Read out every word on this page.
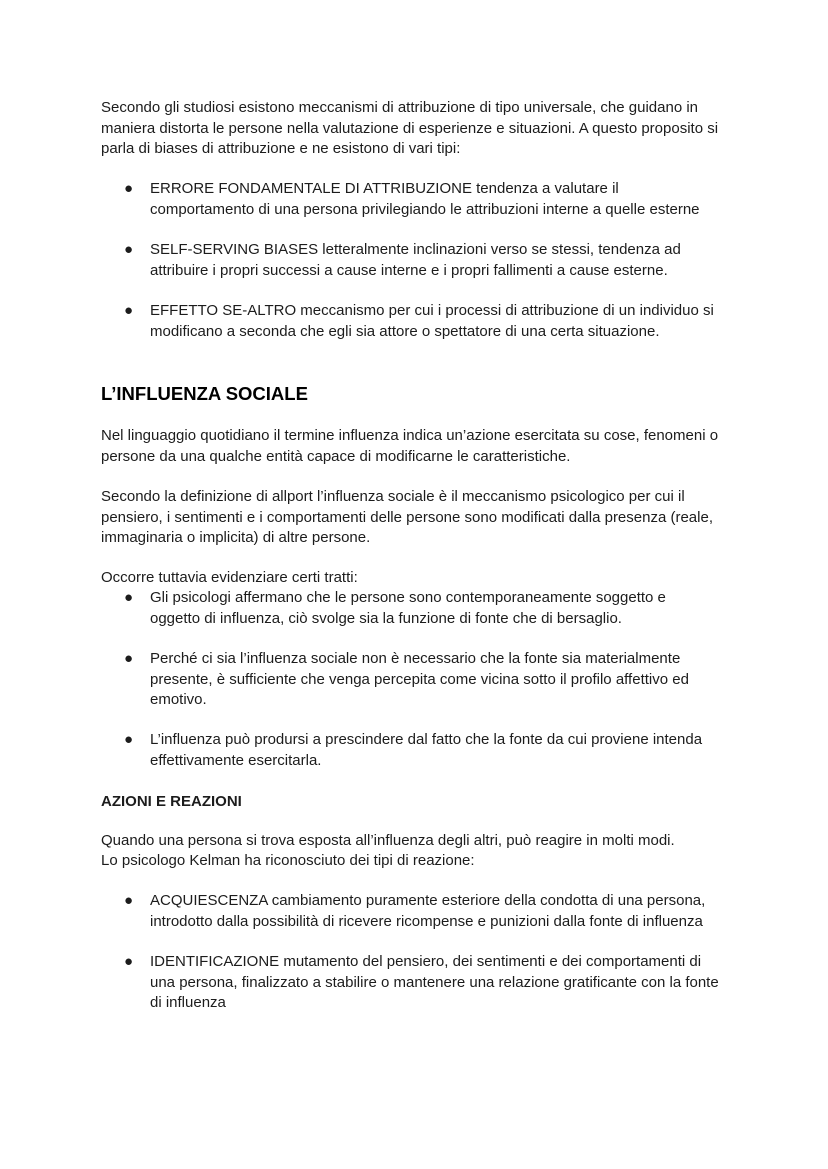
Secondo gli studiosi esistono meccanismi di attribuzione di tipo universale, che guidano in maniera distorta le persone nella valutazione di esperienze e situazioni. A questo proposito si parla di biases di attribuzione e ne esistono di vari tipi:

● ERRORE FONDAMENTALE DI ATTRIBUZIONE tendenza a valutare il comportamento di una persona privilegiando le attribuzioni interne a quelle esterne
● SELF-SERVING BIASES letteralmente inclinazioni verso se stessi, tendenza ad attribuire i propri successi a cause interne e i propri fallimenti a cause esterne.
● EFFETTO SE-ALTRO meccanismo per cui i processi di attribuzione di un individuo si modificano a seconda che egli sia attore o spettatore di una certa situazione.
L’INFLUENZA SOCIALE

Nel linguaggio quotidiano il termine influenza indica un’azione esercitata su cose, fenomeni o persone da una qualche entità capace di modificarne le caratteristiche.

Secondo la definizione di allport l’influenza sociale è il meccanismo psicologico per cui il pensiero, i sentimenti e i comportamenti delle persone sono modificati dalla presenza (reale, immaginaria o implicita) di altre persone.

Occorre tuttavia evidenziare certi tratti:

● Gli psicologi affermano che le persone sono contemporaneamente soggetto e oggetto di influenza, ciò svolge sia la funzione di fonte che di bersaglio.
● Perché ci sia l’influenza sociale non è necessario che la fonte sia materialmente presente, è sufficiente che venga percepita come vicina sotto il profilo affettivo ed emotivo.
● L’influenza può prodursi a prescindere dal fatto che la fonte da cui proviene intenda effettivamente esercitarla.
AZIONI E REAZIONI

Quando una persona si trova esposta all’influenza degli altri, può reagire in molti modi.

Lo psicologo Kelman ha riconosciuto dei tipi di reazione:

● ACQUIESCENZA cambiamento puramente esteriore della condotta di una persona, introdotto dalla possibilità di ricevere ricompense e punizioni dalla fonte di influenza
● IDENTIFICAZIONE mutamento del pensiero, dei sentimenti e dei comportamenti di una persona, finalizzato a stabilire o mantenere una relazione gratificante con la fonte di influenza
